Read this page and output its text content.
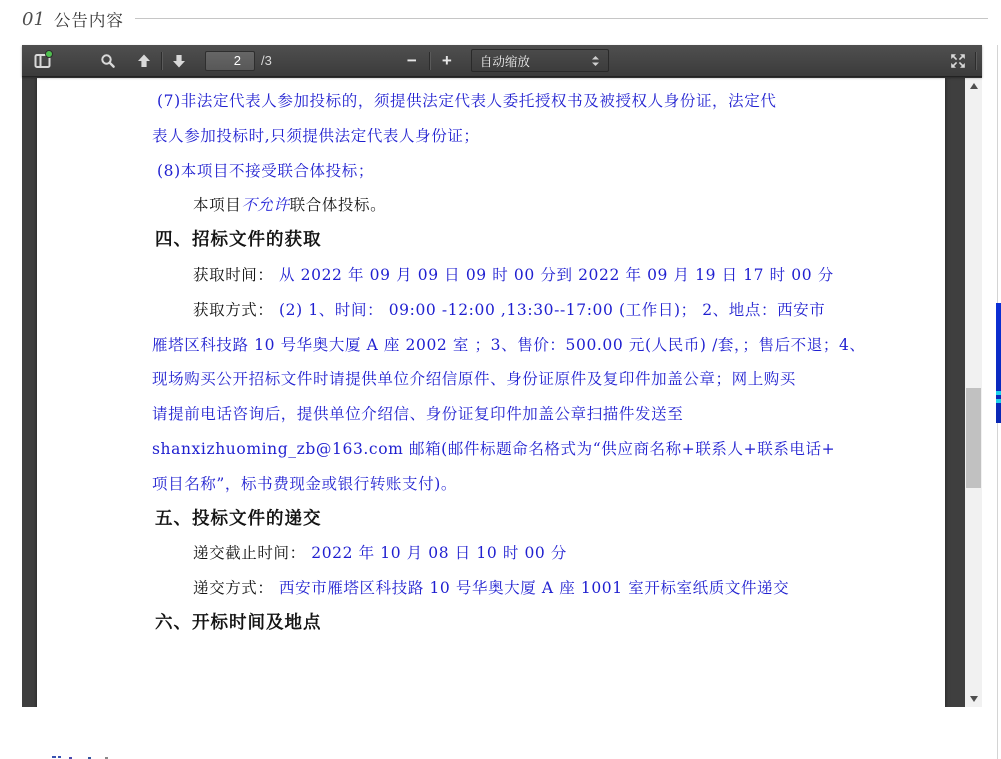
01 公告内容
2
/3	− + 自动缩放
(7)非法定代表人参加投标的，须提供法定代表人委托授权书及被授权人身份证，法定代
表人参加投标时,只须提供法定代表人身份证；
(8)本项目不接受联合体投标；
本项目不允许联合体投标。
四、招标文件的获取
获取时间： 从 2022 年 09 月 09 日 09 时 00 分到 2022 年 09 月 19 日 17 时 00 分
获取方式： (2) 1、时间： 09:00 -12:00 ,13:30--17:00 (工作日)； 2、地点：西安市
雁塔区科技路 10 号华奥大厦 A 座 2002 室 ；3、售价：500.00 元(人民币) /套，；售后不退；4、
现场购买公开招标文件时请提供单位介绍信原件、身份证原件及复印件加盖公章；网上购买
请提前电话咨询后，提供单位介绍信、身份证复印件加盖公章扫描件发送至
shanxizhuoming_zb@163.com 邮箱(邮件标题命名格式为“供应商名称+联系人+联系电话+
项目名称”，标书费现金或银行转账支付)。
五、投标文件的递交
递交截止时间： 2022 年 10 月 08 日 10 时 00 分
递交方式： 西安市雁塔区科技路 10 号华奥大厦 A 座 1001 室开标室纸质文件递交
六、开标时间及地点
